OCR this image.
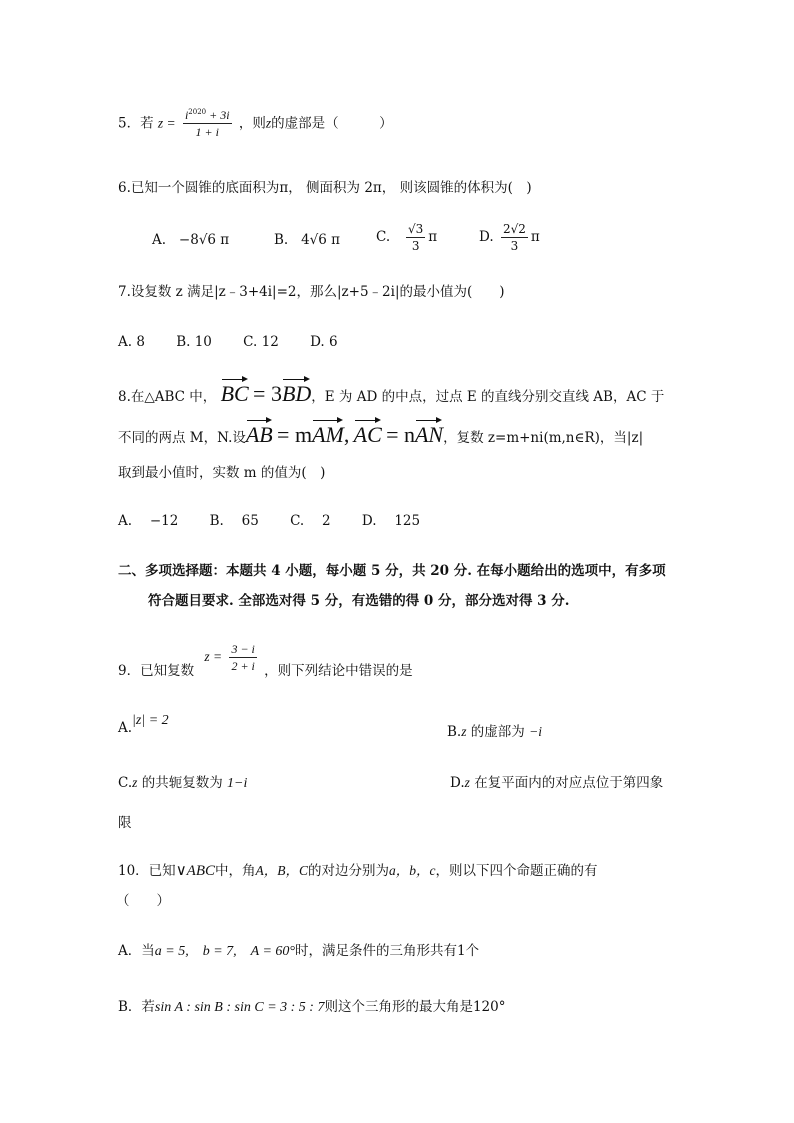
5．若 $z = \frac{i^{2020} + 3i}{1 + i}$ ，则z的虚部是（　　　）
6.已知一个圆锥的底面积为π， 侧面积为 2π， 则该圆锥的体积为(　)
A. −8√6 π	B. 4√6 π	C. $\frac{√3}{3}$ π	D. $\frac{2√2}{3}$ π
7.设复数 z 满足|z﹣3+4i|=2，那么|z+5﹣2i|的最小值为(　　)
A. 8　　 B. 10　　 C. 12　　 D. 6
8.在△ABC 中， BC = 3
BD，E 为 AD 的中点，过点 E 的直线分别交直线 AB，AC 于
不同的两点 M，N.设
AB = m
AM, AC = n
AN，复数 z=m+ni(m,n∈R)，当|z|
取到最小值时，实数 m 的值为(　)
A.　 −12　　 B.　 65　　 C.　 2　　 D.　 125
二、多项选择题：本题共 4 小题，每小题 5 分，共 20 分. 在每小题给出的选项中，有多项
符合题目要求. 全部选对得 5 分，有选错的得 0 分，部分选对得 3 分.
9．已知复数 $z = \frac{3 - i}{2 + i}$ ，则下列结论中错误的是
A.|z| = 2
B.z 的虚部为 −i
C.z 的共轭复数为 1−i	D.z 在复平面内的对应点位于第四象
限
10．已知∨ABC中，角A，B，C的对边分别为a，b，c，则以下四个命题正确的有
（　　）
A．当a = 5,　b = 7,　A = 60°时，满足条件的三角形共有1个
B．若sin A : sin B : sin C = 3 : 5 : 7则这个三角形的最大角是120°
